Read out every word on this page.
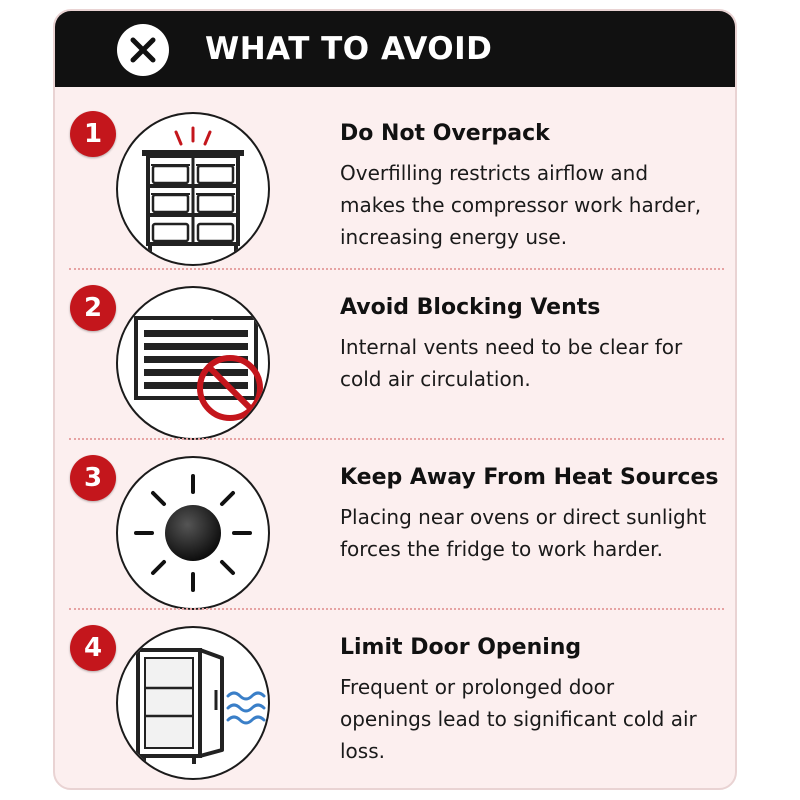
WHAT TO AVOID
1	Do Not Overpack
Overfilling restricts airflow and makes the compressor work harder, increasing energy use.
2	Avoid Blocking Vents
Internal vents need to be clear for cold air circulation.
3	Keep Away From Heat Sources
Placing near ovens or direct sunlight forces the fridge to work harder.
4	Limit Door Opening
Frequent or prolonged door openings lead to significant cold air loss.
